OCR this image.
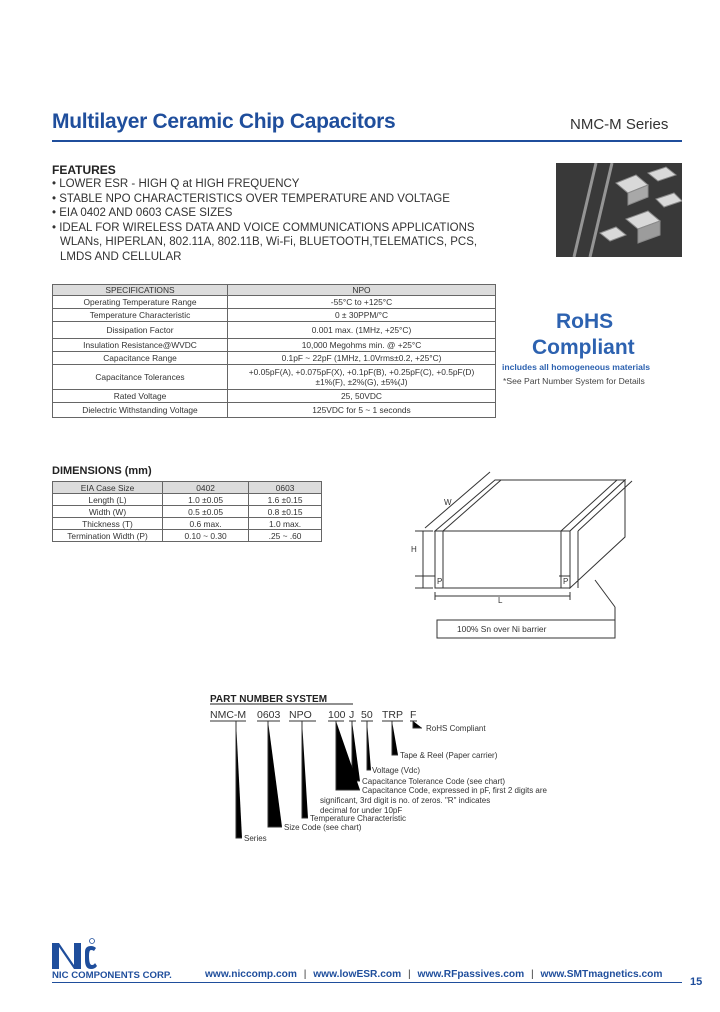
Multilayer Ceramic Chip Capacitors	NMC-M Series
FEATURES
• LOWER ESR - HIGH Q at HIGH FREQUENCY
• STABLE NPO CHARACTERISTICS OVER TEMPERATURE AND VOLTAGE
• EIA 0402 AND 0603 CASE SIZES
• IDEAL FOR WIRELESS DATA AND VOICE COMMUNICATIONS APPLICATIONS
WLANs, HIPERLAN, 802.11A, 802.11B, Wi-Fi, BLUETOOTH,TELEMATICS, PCS,
LMDS AND CELLULAR
SPECIFICATIONS	NPO
Operating Temperature Range	-55°C to +125°C
Temperature Characteristic	0 ± 30PPM/°C
Dissipation Factor	0.001 max. (1MHz, +25°C)
Insulation Resistance@WVDC	10,000 Megohms min. @ +25°C
Capacitance Range	0.1pF ~ 22pF (1MHz, 1.0Vrms±0.2, +25°C)
Capacitance Tolerances	+0.05pF(A), +0.075pF(X), +0.1pF(B), +0.25pF(C), +0.5pF(D)
±1%(F), ±2%(G), ±5%(J)

Rated Voltage	25, 50VDC
Dielectric Withstanding Voltage	125VDC for 5 ~ 1 seconds
RoHS
Compliant
includes all homogeneous materials
*See Part Number System for Details
DIMENSIONS (mm)
EIA Case Size	0402	0603
Length (L)	1.0 ±0.05	1.6 ±0.15
Width (W)	0.5 ±0.05	0.8 ±0.15
Thickness (T)	0.6 max.	1.0 max.
Termination Width (P)	0.10 ~ 0.30	.25 ~ .60
W
H
P	P
L
100% Sn over Ni barrier
PART NUMBER SYSTEM
NMC-M 0603 NPO 100 J 50 TRP F
RoHS Compliant
Tape & Reel (Paper carrier)
Voltage (Vdc)
Capacitance Tolerance Code (see chart)
Capacitance Code, expressed in pF, first 2 digits are
significant, 3rd digit is no. of zeros. "R" indicates
decimal for under 10pF
Temperature Characteristic
Size Code (see chart)
Series
NIC COMPONENTS CORP.	www.niccomp.com | www.lowESR.com | www.RFpassives.com | www.SMTmagnetics.com
15
